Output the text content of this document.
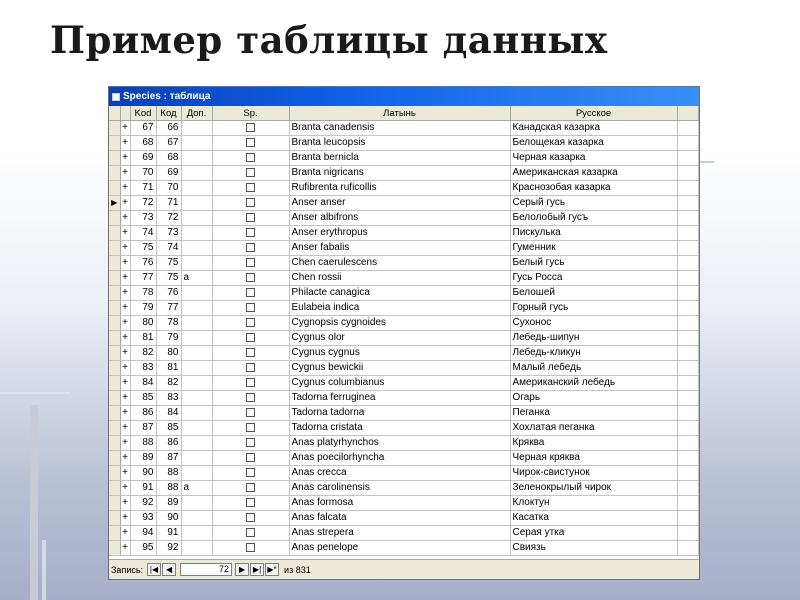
Пример таблицы данных
Species : таблица
		Kod	Код	Доп.	Sp.	Латынь	Русское	
	+	67	66			Branta canadensis	Канадская казарка	
	+	68	67			Branta leucopsis	Белощекая казарка	
	+	69	68			Branta bernicla	Черная казарка	
	+	70	69			Branta nigricans	Американская казарка	
	+	71	70			Rufibrenta ruficollis	Краснозобая казарка	
▶	+	72	71			Anser anser	Серый гусь	
	+	73	72			Anser albifrons	Белолобый гусъ	
	+	74	73			Anser erythropus	Пискулька	
	+	75	74			Anser fabalis	Гуменник	
	+	76	75			Chen caerulescens	Белый гусь	
	+	77	75	a		Chen rossii	Гусь Росса	
	+	78	76			Philacte canagica	Белошей	
	+	79	77			Eulabeia indica	Горный гусь	
	+	80	78			Cygnopsis cygnoides	Сухонос	
	+	81	79			Cygnus olor	Лебедь-шипун	
	+	82	80			Cygnus cygnus	Лебедь-кликун	
	+	83	81			Cygnus bewickii	Малый лебедь	
	+	84	82			Cygnus columbianus	Американский лебедь	
	+	85	83			Tadorna ferruginea	Огарь	
	+	86	84			Tadorna tadorna	Пеганка	
	+	87	85			Tadorna cristata	Хохлатая пеганка	
	+	88	86			Anas platyrhynchos	Кряква	
	+	89	87			Anas poecilorhyncha	Черная кряква	
	+	90	88			Anas crecca	Чирок-свистунок	
	+	91	88	a		Anas carolinensis	Зеленокрылый чирок	
	+	92	89			Anas formosa	Клоктун	
	+	93	90			Anas falcata	Касатка	
	+	94	91			Anas strepera	Серая утка	
	+	95	92			Anas penelope	Свиязь	
Запись: |◀ ◀	72	▶ ▶| ▶* из 831
